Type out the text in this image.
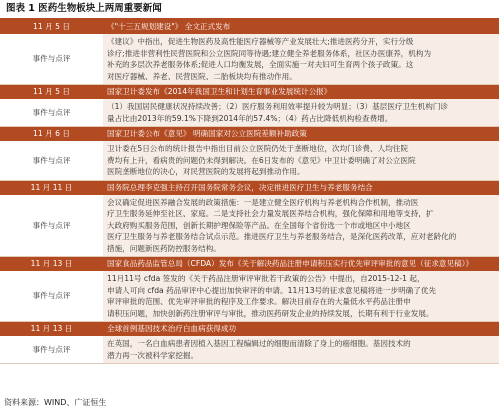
图表 1 医药生物板块上两周重要新闻
11 月 5 日	《"十三五规划建设"》 全文正式发布
事件与点评	《建议》中指出，促进生物医药及高性能医疗器械等产业发展壮大;推进医药分开，实行分级
诊疗;推进非营利性民营医院和公立医院同等待遇;建立健全养老服务体系，社区办医康养，机构为
补充的多层次养老服务体系;促进人口均衡发展，全面实施一对夫妇可生育两个孩子政策。这
对医疗器械、养老、民营医院、二胎板块均有推动作用。

11 月 5 日	国家卫计委发布《2014年我国卫生和计划生育事业发展统计公报》
事件与点评	（1）我国居民健康状况持续改善；（2）医疗服务利用效率提升较为明显；（3）基层医疗卫生机构门诊
量占比由2013年的59.1%下降到2014年的57.4%；（4）药占比降低机构检查费增。

11 月 6 日	国家卫计委公布《意见》 明确国家对公立医院差额补助政策
事件与点评	卫计委在5日公布的统计报告中指出目前公立医院仍处于垄断地位，次均门诊费、人均住院
费均有上升，看病贵的问题仍未得到解决。在6日发布的《意见》中卫计委明确了对公立医院
医院垄断地位的决心，对民营医院的发展将起到推动作用。

11 月 11 日	国务院总理李克强主持召开国务院常务会议，决定推进医疗卫生与养老服务结合
事件与点评	会议确定促进医养融合发展的政策措施：一是建立健全医疗机构与养老机构合作机制，推动医
疗卫生服务延伸至社区、家庭。二是支持社会力量发展医养结合机构，强化保障和用地等支持，扩
大政府购买服务范围，创新长期护理保险等产品。在全国每个省份选一个市或地区中小地区
医疗卫生服务与养老服务结合试点示范。推进医疗卫生与养老服务结合，是深化医药改革，应对老龄化的
措施，问题新医药防控服务结构。

11 月 13 日	国家食品药品监管总局（CFDA）发布《关于解决药品注册申请积压实行优先审评审批的意见（征求意见稿）》
事件与点评	11月11号 cfda 签发的《关于药品注册审评审批若干政策的公告》中提出，自2015-12-1 起，
申请人可向 cfda 药品审评中心提出加快审评的申请。11月13号的征求意见稿将进一步明确了优先
审评审批的范围、优先审评审批的程序及工作要求。解决目前存在的大量低水平药品注册申
请积压问题，加快创新药注册审评与审批，推动医药研发企业的持续发展，长期有利于行业发展。

11 月 13 日	全球首例基因技术治疗白血病获得成功
事件与点评	在英国，一名白血病患者因植入基因工程编辑过的细胞而清除了身上的癌细胞。基因技术的
潜力再一次被科学家挖掘。
资料来源：WIND、广证恒生
